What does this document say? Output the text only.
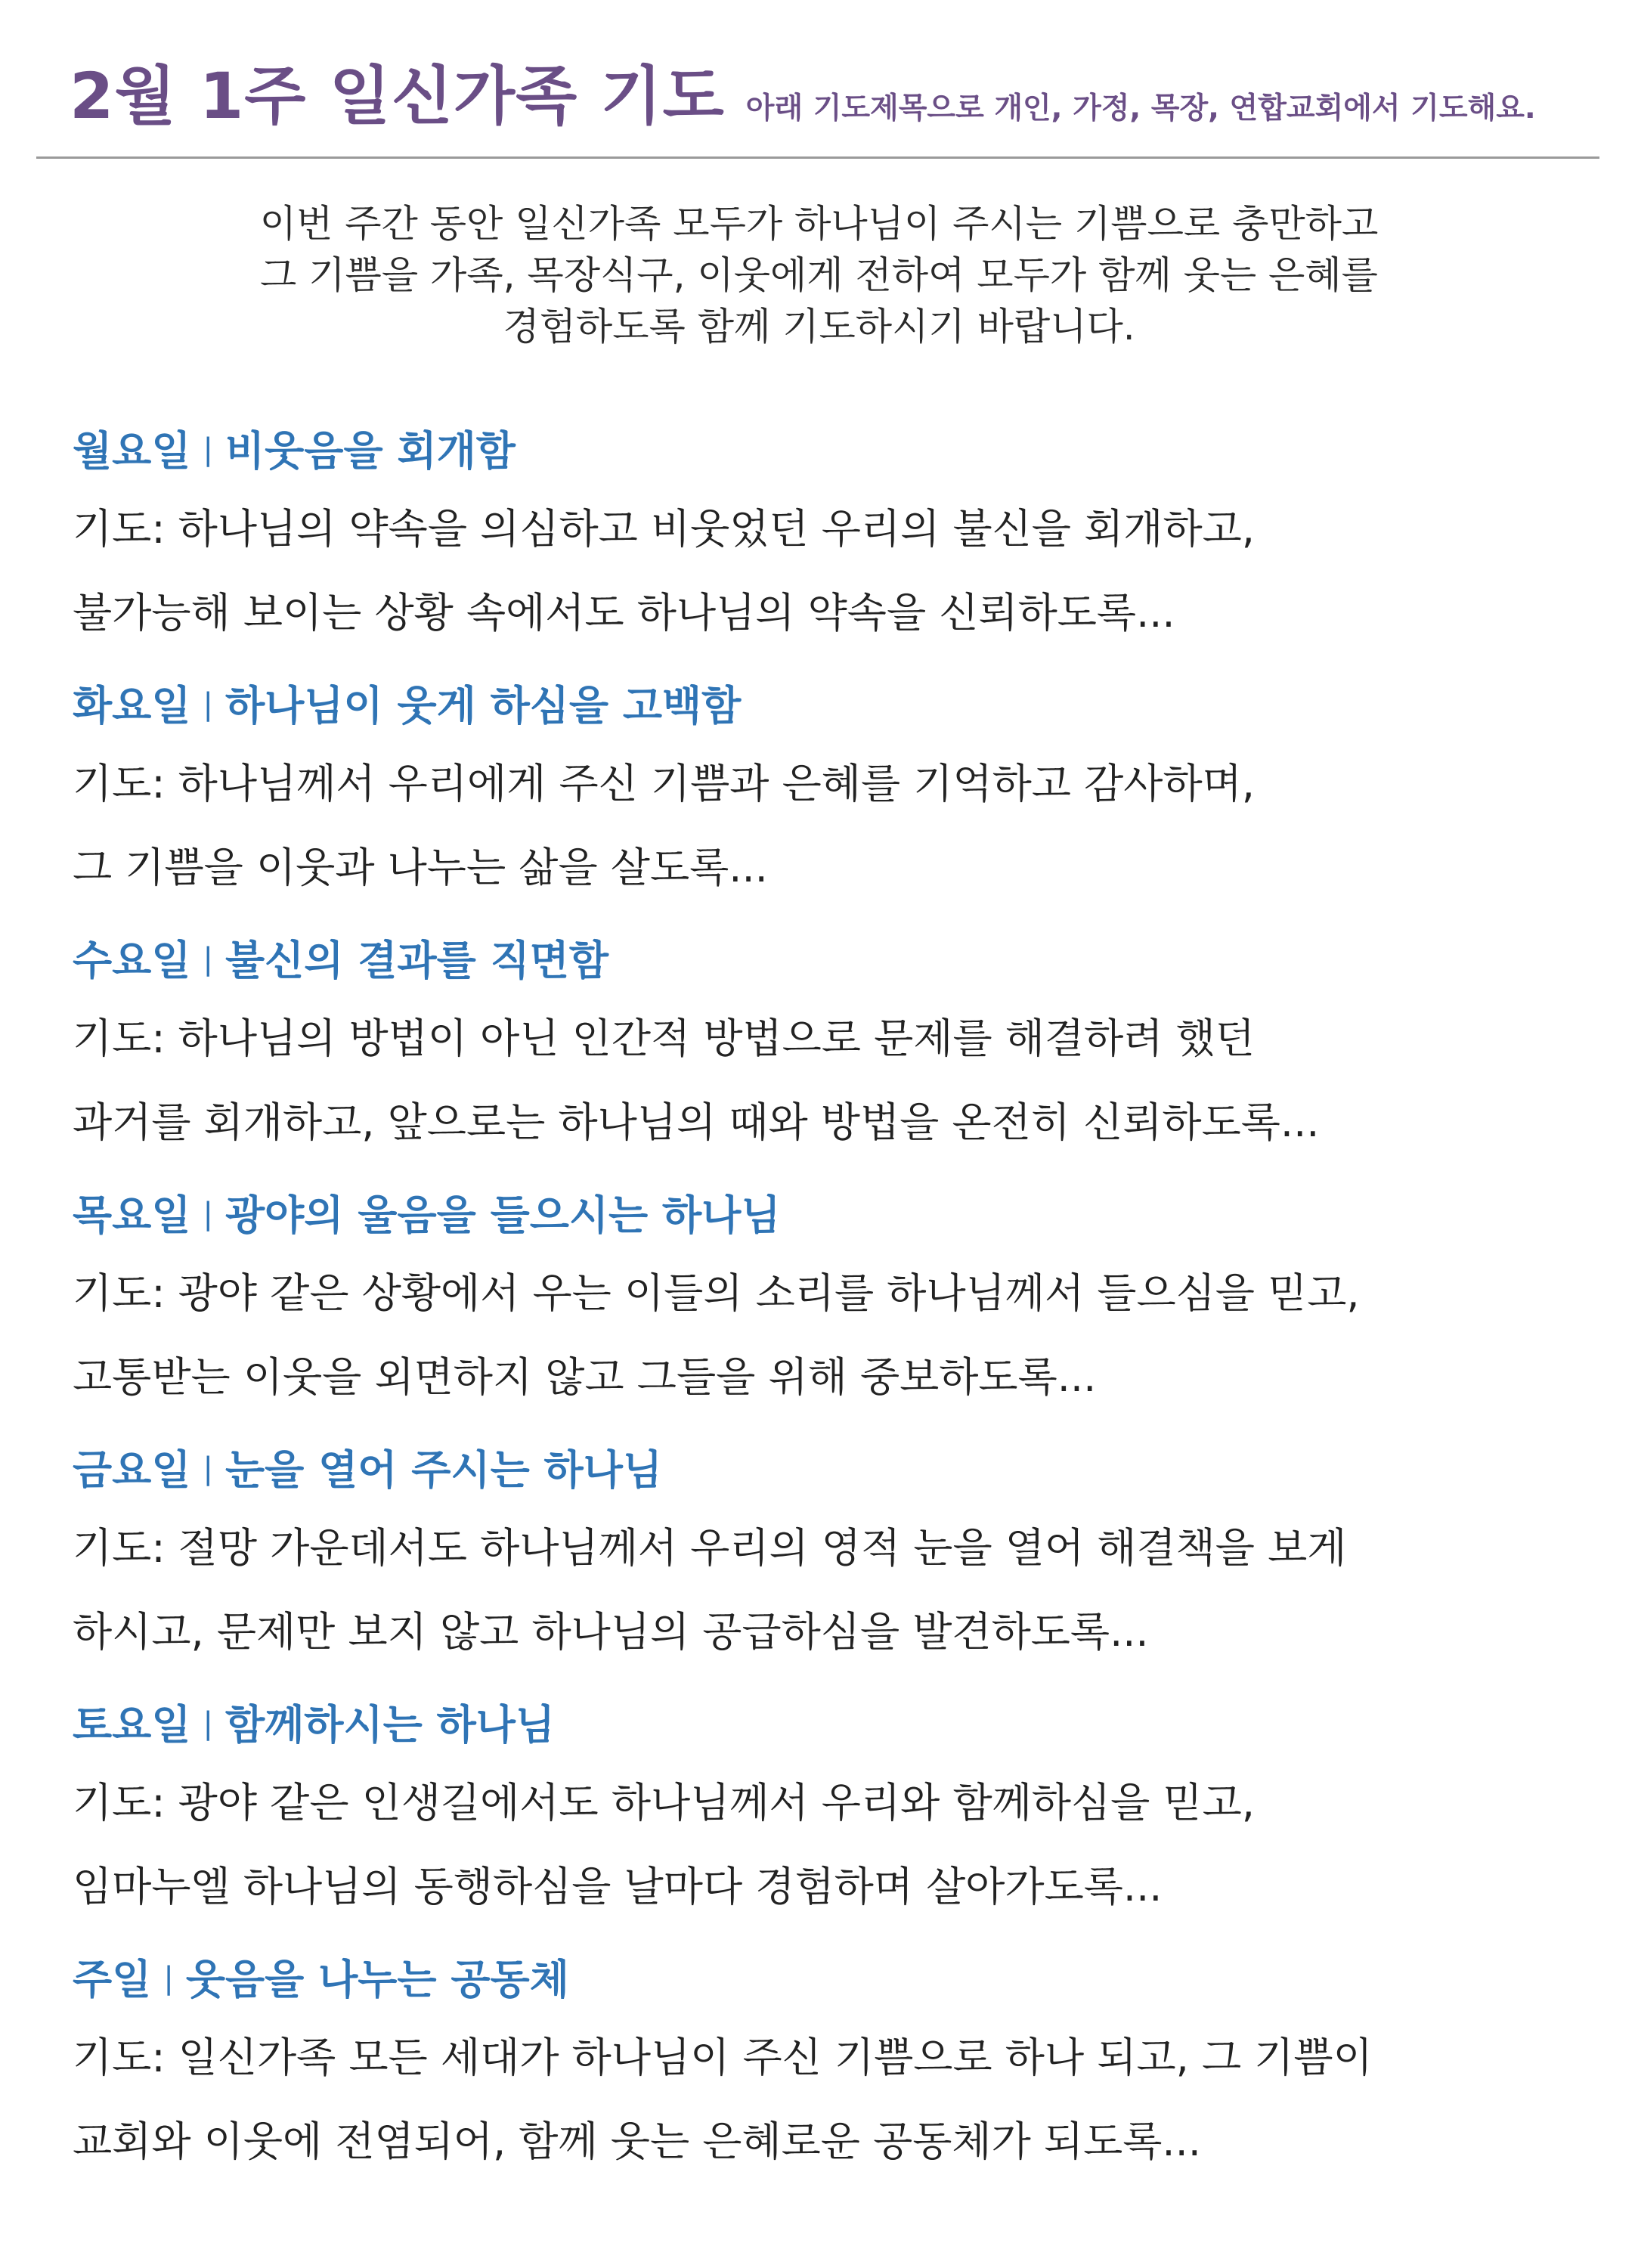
2월 1주 일신가족 기도 아래 기도제목으로 개인, 가정, 목장, 연합교회에서 기도해요.
이번 주간 동안 일신가족 모두가 하나님이 주시는 기쁨으로 충만하고
그 기쁨을 가족, 목장식구, 이웃에게 전하여 모두가 함께 웃는 은혜를
경험하도록 함께 기도하시기 바랍니다.
월요일 | 비웃음을 회개함
기도: 하나님의 약속을 의심하고 비웃었던 우리의 불신을 회개하고,
불가능해 보이는 상황 속에서도 하나님의 약속을 신뢰하도록...
화요일 | 하나님이 웃게 하심을 고백함
기도: 하나님께서 우리에게 주신 기쁨과 은혜를 기억하고 감사하며,
그 기쁨을 이웃과 나누는 삶을 살도록...
수요일 | 불신의 결과를 직면함
기도: 하나님의 방법이 아닌 인간적 방법으로 문제를 해결하려 했던
과거를 회개하고, 앞으로는 하나님의 때와 방법을 온전히 신뢰하도록...
목요일 | 광야의 울음을 들으시는 하나님
기도: 광야 같은 상황에서 우는 이들의 소리를 하나님께서 들으심을 믿고,
고통받는 이웃을 외면하지 않고 그들을 위해 중보하도록...
금요일 | 눈을 열어 주시는 하나님
기도: 절망 가운데서도 하나님께서 우리의 영적 눈을 열어 해결책을 보게
하시고, 문제만 보지 않고 하나님의 공급하심을 발견하도록...
토요일 | 함께하시는 하나님
기도: 광야 같은 인생길에서도 하나님께서 우리와 함께하심을 믿고,
임마누엘 하나님의 동행하심을 날마다 경험하며 살아가도록...
주일 | 웃음을 나누는 공동체
기도: 일신가족 모든 세대가 하나님이 주신 기쁨으로 하나 되고, 그 기쁨이
교회와 이웃에 전염되어, 함께 웃는 은혜로운 공동체가 되도록...
